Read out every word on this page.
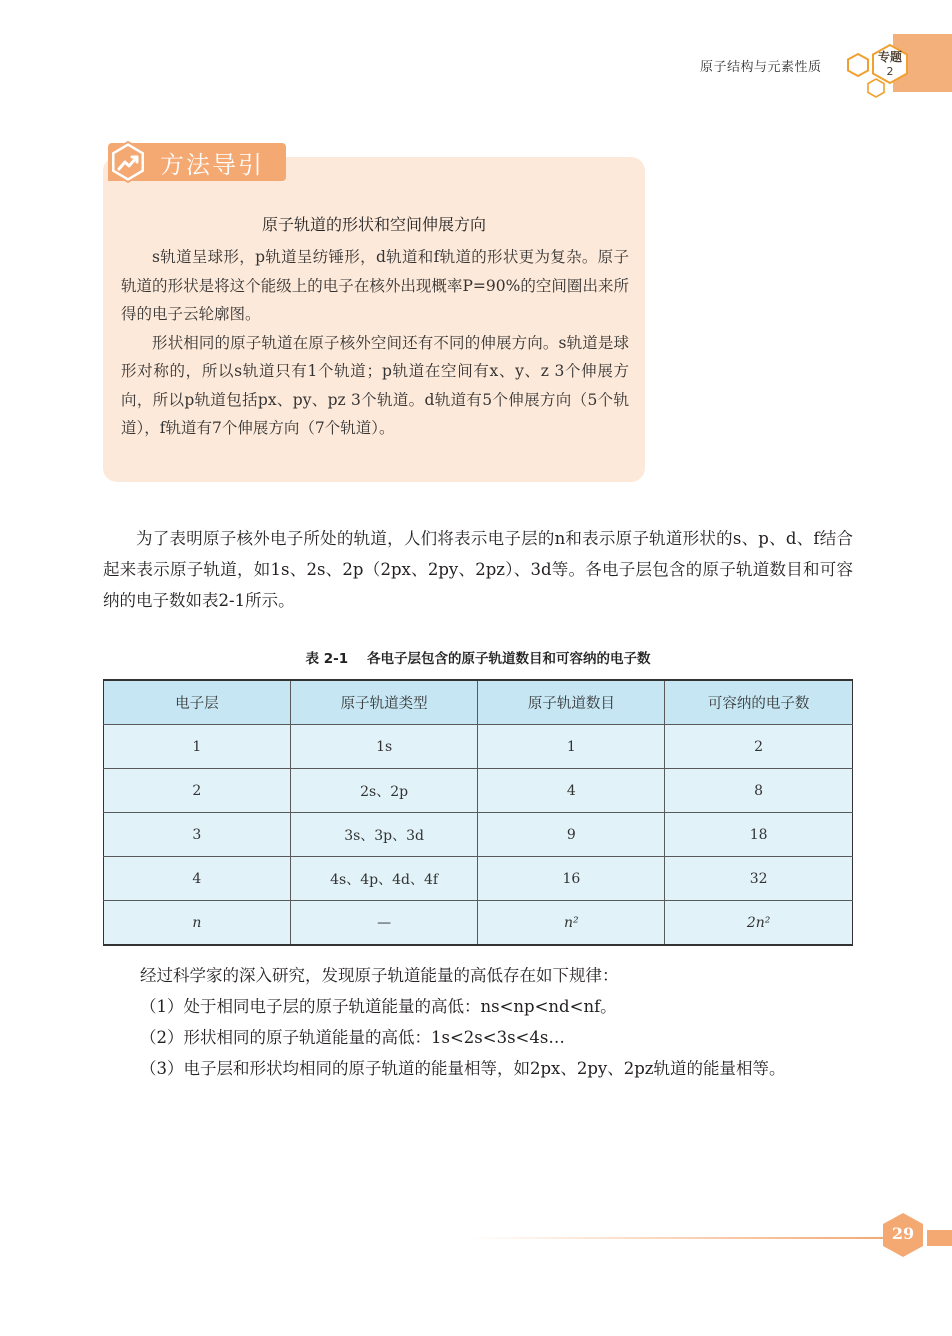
原子结构与元素性质
专题
2
方法导引
原子轨道的形状和空间伸展方向

s轨道呈球形，p轨道呈纺锤形，d轨道和f轨道的形状更为复杂。原子轨道的形状是将这个能级上的电子在核外出现概率P=90%的空间圈出来所得的电子云轮廓图。

形状相同的原子轨道在原子核外空间还有不同的伸展方向。s轨道是球形对称的，所以s轨道只有1个轨道；p轨道在空间有x、y、z 3个伸展方向，所以p轨道包括px、py、pz 3个轨道。d轨道有5个伸展方向（5个轨道），f轨道有7个伸展方向（7个轨道）。

为了表明原子核外电子所处的轨道，人们将表示电子层的n和表示原子轨道形状的s、p、d、f结合起来表示原子轨道，如1s、2s、2p（2px、2py、2pz）、3d等。各电子层包含的原子轨道数目和可容纳的电子数如表2-1所示。

表 2-1 各电子层包含的原子轨道数目和可容纳的电子数
电子层	原子轨道类型	原子轨道数目	可容纳的电子数
1	1s	1	2
2	2s、2p	4	8
3	3s、3p、3d	9	18
4	4s、4p、4d、4f	16	32
n	—	n²	2n²
经过科学家的深入研究，发现原子轨道能量的高低存在如下规律：
（1）处于相同电子层的原子轨道能量的高低：ns<np<nd<nf。
（2）形状相同的原子轨道能量的高低：1s<2s<3s<4s…
（3）电子层和形状均相同的原子轨道的能量相等，如2px、2py、2pz轨道的能量相等。
29
